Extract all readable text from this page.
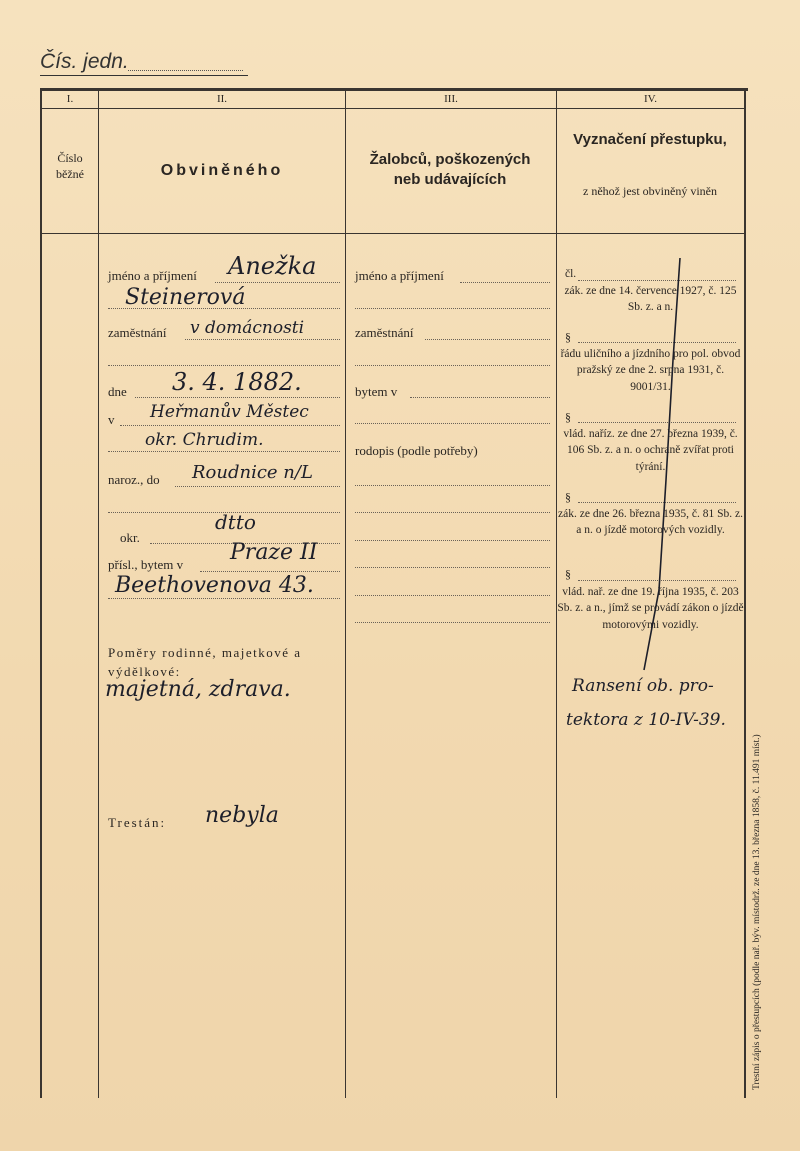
Čís. jedn.
I.	II.	III.	IV.
Číslo běžné	Obviněného
Žalobců, poškozených neb udávajících
Vyznačení přestupku,
z něhož jest obviněný viněn
jméno a příjmení Anežka
Steinerová
zaměstnání v domácnosti
dne 3. 4. 1882.
v Heřmanův Městec
okr. Chrudim.
naroz., do Roudnice n/L
okr.
dtto
přísl., bytem v Praze II
Beethovenova 43.
Poměry rodinné, majetkové a výdělkové:
majetná, zdrava.
Trestán: nebyla
jméno a příjmení
zaměstnání
bytem v
rodopis (podle potřeby)
čl.
zák. ze dne 14. července 1927, č. 125 Sb. z. a n.
§
řádu uličního a jízdního pro pol. obvod pražský ze dne 2. srpna 1931, č. 9001/31.
§
vlád. naříz. ze dne 27. března 1939, č. 106 Sb. z. a n. o ochraně zvířat proti týrání.
§
zák. ze dne 26. března 1935, č. 81 Sb. z. a n. o jízdě motorových vozidly.
§
vlád. nař. ze dne 19. října 1935, č. 203 Sb. z. a n., jímž se provádí zákon o jízdě motorovými vozidly.
Ransení ob. pro-
tektora z 10-IV-39.
Trestní zápis o přestupcích (podle nař. býv. místodrž. ze dne 13. března 1858, č. 11.491 míst.)
